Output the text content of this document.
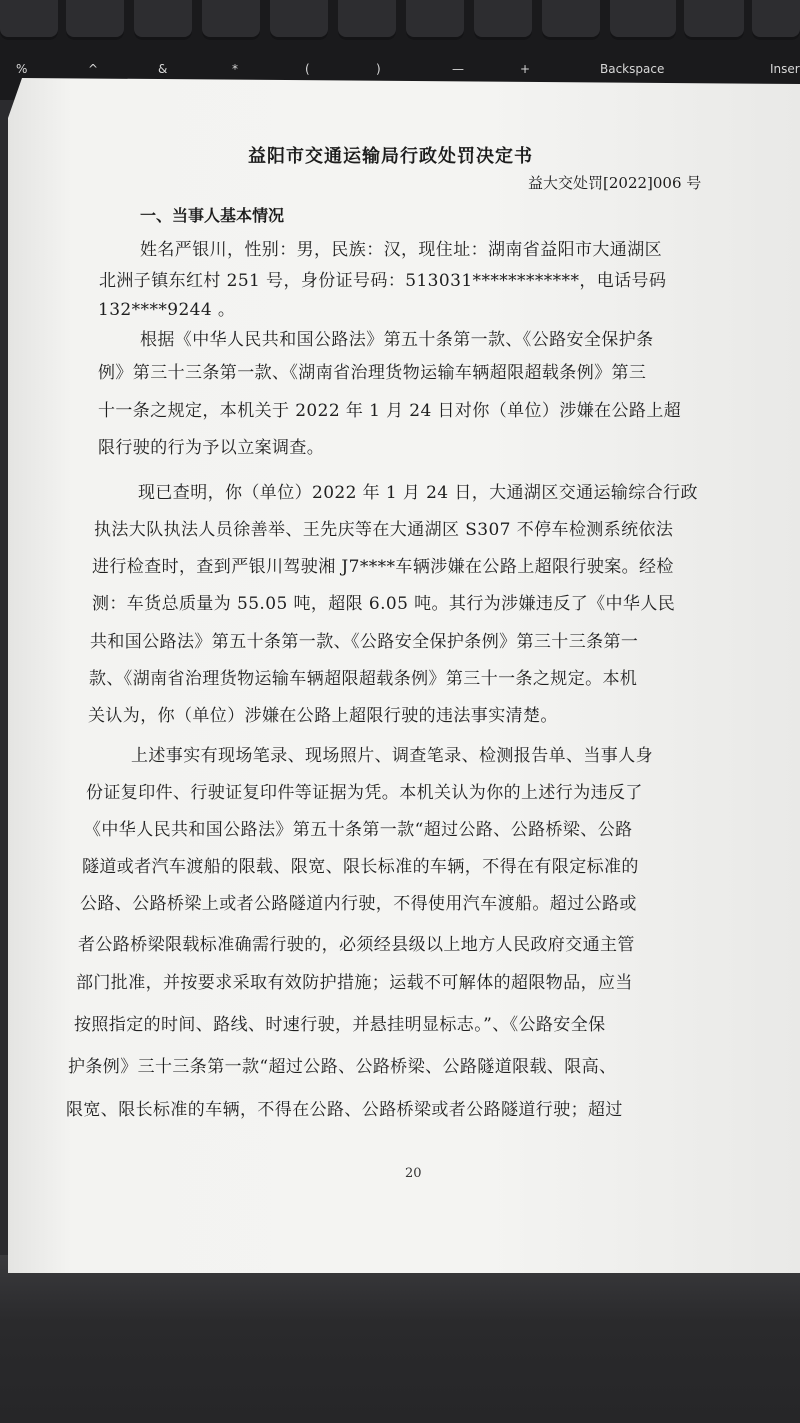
%	^	&	*	(	)	—	+	Backspace	Inser
益阳市交通运输局行政处罚决定书
益大交处罚[2022]006 号
一、当事人基本情况
姓名严银川，性别：男，民族：汉，现住址：湖南省益阳市大通湖区
北洲子镇东红村 251 号，身份证号码：513031************，电话号码
132****9244 。
根据《中华人民共和国公路法》第五十条第一款、《公路安全保护条
例》第三十三条第一款、《湖南省治理货物运输车辆超限超载条例》第三
十一条之规定，本机关于 2022 年 1 月 24 日对你（单位）涉嫌在公路上超
限行驶的行为予以立案调查。
现已查明，你（单位）2022 年 1 月 24 日，大通湖区交通运输综合行政
执法大队执法人员徐善举、王先庆等在大通湖区 S307 不停车检测系统依法
进行检查时，查到严银川驾驶湘 J7****车辆涉嫌在公路上超限行驶案。经检
测：车货总质量为 55.05 吨，超限 6.05 吨。其行为涉嫌违反了《中华人民
共和国公路法》第五十条第一款、《公路安全保护条例》第三十三条第一
款、《湖南省治理货物运输车辆超限超载条例》第三十一条之规定。本机
关认为，你（单位）涉嫌在公路上超限行驶的违法事实清楚。
上述事实有现场笔录、现场照片、调查笔录、检测报告单、当事人身
份证复印件、行驶证复印件等证据为凭。本机关认为你的上述行为违反了
《中华人民共和国公路法》第五十条第一款“超过公路、公路桥梁、公路
隧道或者汽车渡船的限载、限宽、限长标准的车辆，不得在有限定标准的
公路、公路桥梁上或者公路隧道内行驶，不得使用汽车渡船。超过公路或
者公路桥梁限载标准确需行驶的，必须经县级以上地方人民政府交通主管
部门批准，并按要求采取有效防护措施；运载不可解体的超限物品，应当
按照指定的时间、路线、时速行驶，并悬挂明显标志。”、《公路安全保
护条例》三十三条第一款“超过公路、公路桥梁、公路隧道限载、限高、
限宽、限长标准的车辆，不得在公路、公路桥梁或者公路隧道行驶；超过
20
